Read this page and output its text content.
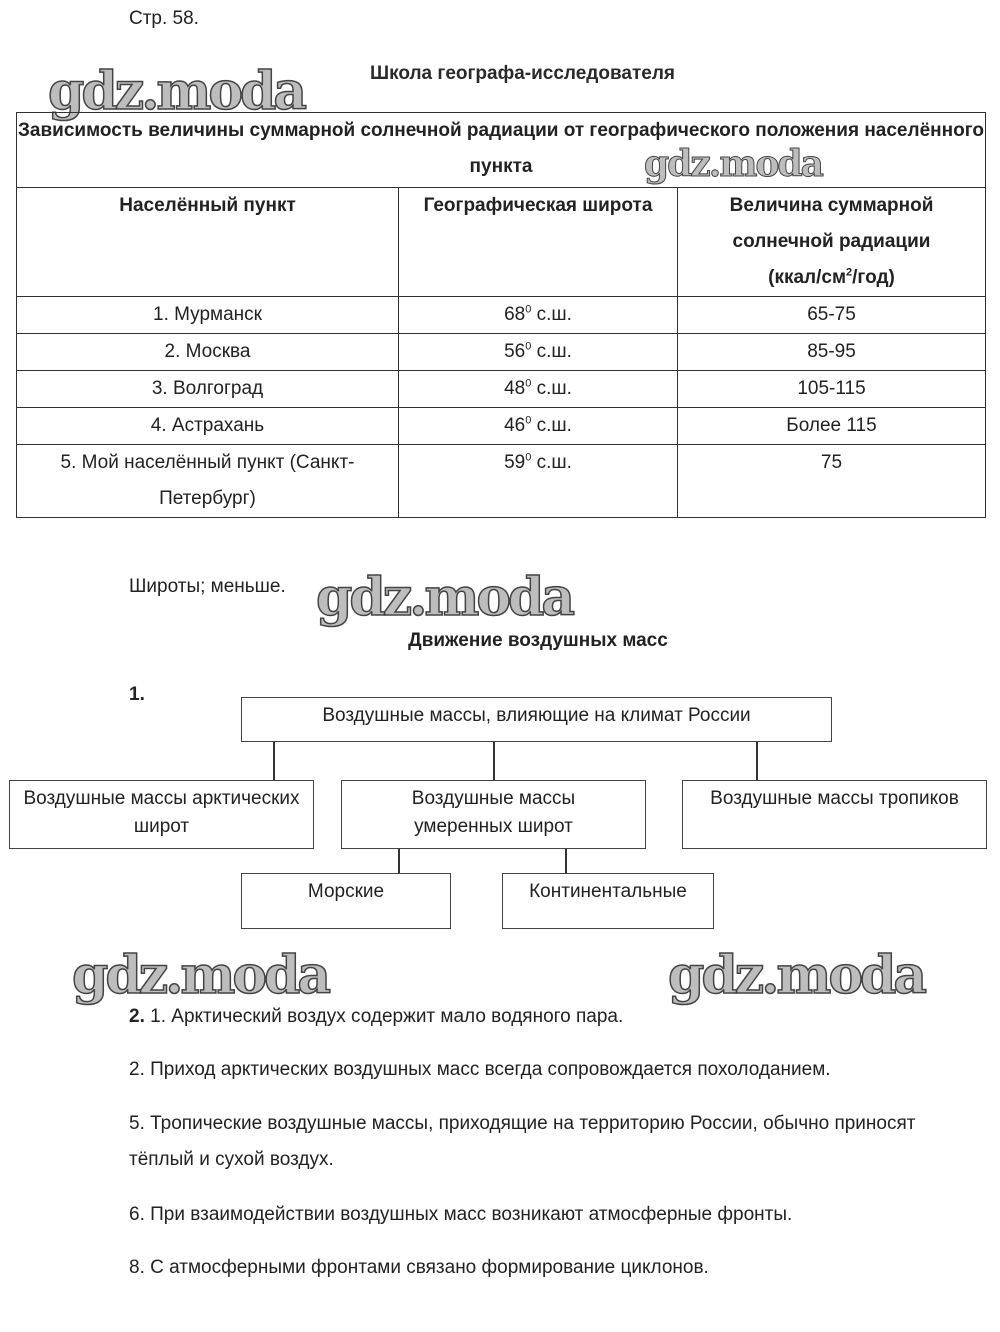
Стр. 58.
gdz.moda	Школа географа-исследователя
Зависимость величины суммарной солнечной радиации от географического положения населённого пункта		
Населённый пункт	Географическая широта	Величина суммарной
солнечной радиации
$(ккал/см^2/год)$

1. Мурманск	$68^0$ с.ш.	65-75
2. Москва	$56^0$ с.ш.	85-95
3. Волгоград	$48^0$ с.ш.	105-115
4. Астрахань	$46^0$ с.ш.	Более 115
5. Мой населённый пункт (Санкт-Петербург)	$59^0$ с.ш.	75
gdz.moda
Широты; меньше. gdz.moda
Движение воздушных масс
1.
Воздушные массы, влияющие на климат России
Воздушные массы арктических широт
Воздушные массы умеренных широт
Воздушные массы тропиков
Морские	Континентальные
gdz.moda	gdz.moda
2. 1. Арктический воздух содержит мало водяного пара.
2. Приход арктических воздушных масс всегда сопровождается похолоданием.
5. Тропические воздушные массы, приходящие на территорию России, обычно приносят тёплый и сухой воздух.
6. При взаимодействии воздушных масс возникают атмосферные фронты.
8. С атмосферными фронтами связано формирование циклонов.
